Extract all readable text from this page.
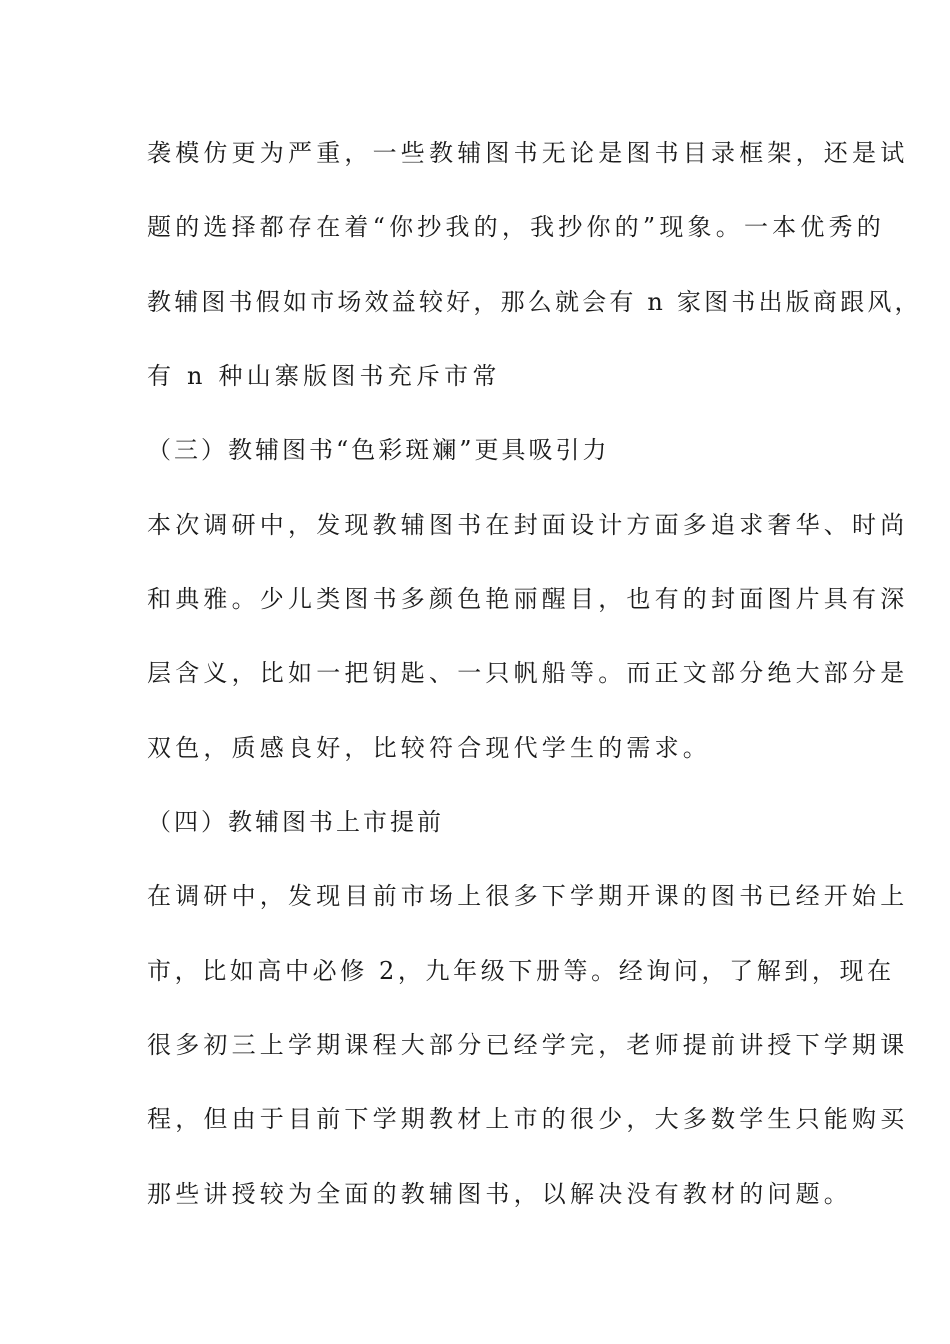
袭模仿更为严重，一些教辅图书无论是图书目录框架，还是试
题的选择都存在着“你抄我的，我抄你的”现象。一本优秀的
教辅图书假如市场效益较好，那么就会有 n 家图书出版商跟风，
有 n 种山寨版图书充斥市常
（三）教辅图书“色彩斑斓”更具吸引力
本次调研中，发现教辅图书在封面设计方面多追求奢华、时尚
和典雅。少儿类图书多颜色艳丽醒目，也有的封面图片具有深
层含义，比如一把钥匙、一只帆船等。而正文部分绝大部分是
双色，质感良好，比较符合现代学生的需求。
（四）教辅图书上市提前
在调研中，发现目前市场上很多下学期开课的图书已经开始上
市，比如高中必修 2，九年级下册等。经询问，了解到，现在
很多初三上学期课程大部分已经学完，老师提前讲授下学期课
程，但由于目前下学期教材上市的很少，大多数学生只能购买
那些讲授较为全面的教辅图书，以解决没有教材的问题。
